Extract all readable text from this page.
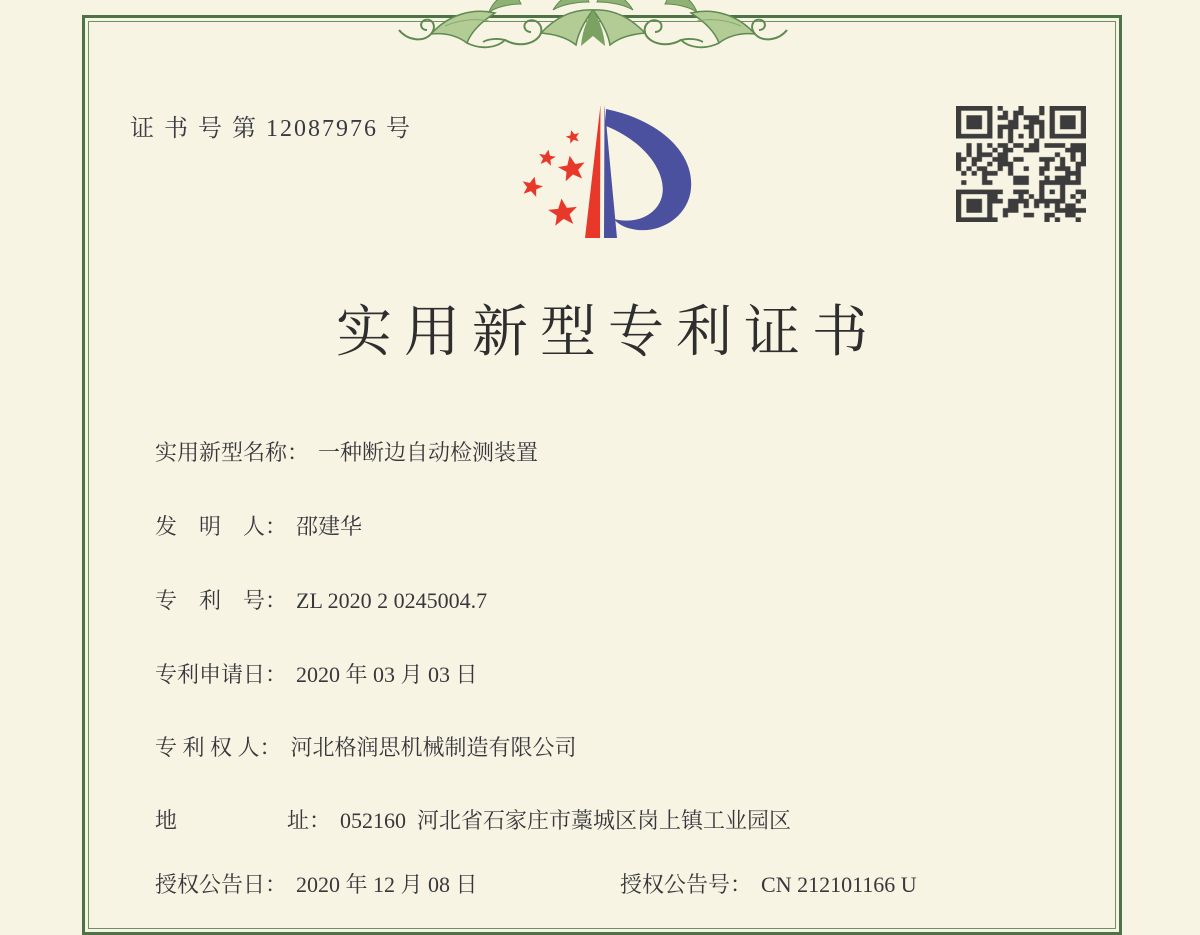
证 书 号 第 12087976 号
实用新型专利证书
实用新型名称： 一种断边自动检测装置
发　明　人： 邵建华
专　利　号： ZL 2020 2 0245004.7
专利申请日： 2020 年 03 月 03 日
专 利 权 人： 河北格润思机械制造有限公司
地　　　　　址： 052160  河北省石家庄市藁城区岗上镇工业园区
授权公告日： 2020 年 12 月 08 日	授权公告号： CN 212101166 U
